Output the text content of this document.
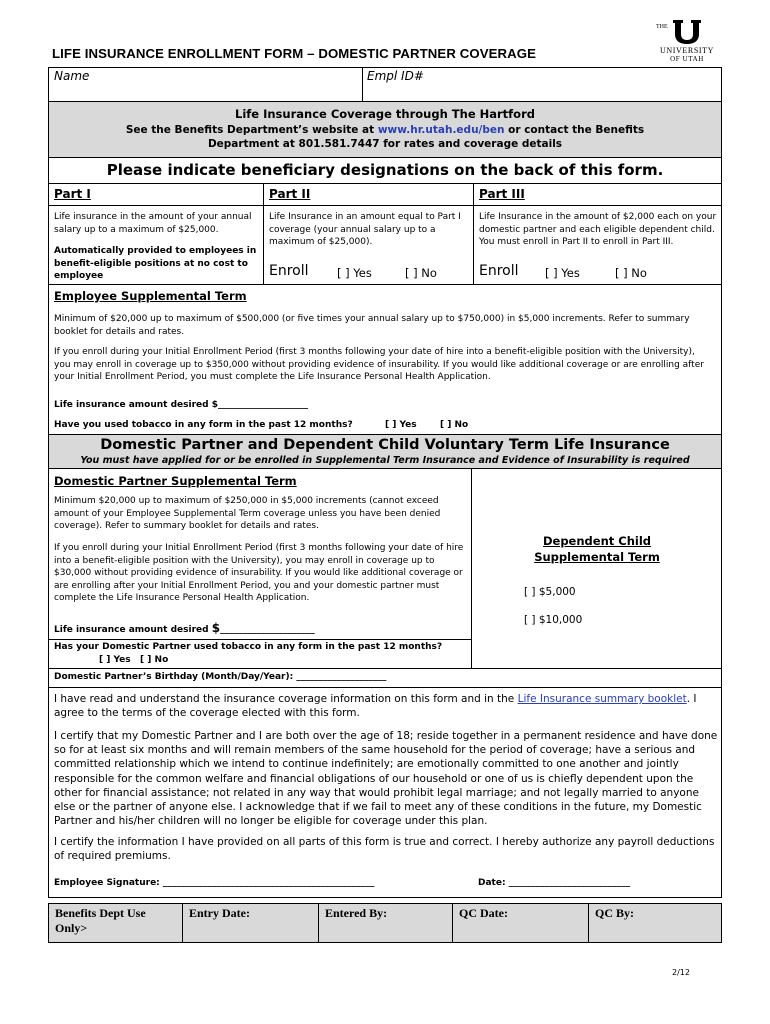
LIFE INSURANCE ENROLLMENT FORM – DOMESTIC PARTNER COVERAGE
THE
UNIVERSITY
OF UTAH
Name	Empl ID#
Life Insurance Coverage through The Hartford
See the Benefits Department’s website at www.hr.utah.edu/ben or contact the Benefits
Department at 801.581.7447 for rates and coverage details
Please indicate beneficiary designations on the back of this form.
Part I	Part II	Part III
Life insurance in the amount of your annual salary up to a maximum of $25,000.
Automatically provided to employees in benefit-eligible positions at no cost to employee
Life Insurance in an amount equal to Part I coverage (your annual salary up to a maximum of $25,000).
Enroll [ ] Yes	[ ] No
Life Insurance in the amount of $2,000 each on your domestic partner and each eligible dependent child. You must enroll in Part II to enroll in Part III.
Enroll [ ] Yes	[ ] No
Employee Supplemental Term
Minimum of $20,000 up to maximum of $500,000 (or five times your annual salary up to $750,000) in $5,000 increments. Refer to summary booklet for details and rates.
If you enroll during your Initial Enrollment Period (first 3 months following your date of hire into a benefit-eligible position with the University), you may enroll in coverage up to $350,000 without providing evidence of insurability. If you would like additional coverage or are enrolling after your Initial Enrollment Period, you must complete the Life Insurance Personal Health Application.
Life insurance amount desired $____________________
Have you used tobacco in any form in the past 12 months?	[ ] Yes	[ ] No
Domestic Partner and Dependent Child Voluntary Term Life Insurance
You must have applied for or be enrolled in Supplemental Term Insurance and Evidence of Insurability is required
Domestic Partner Supplemental Term
Minimum $20,000 up to maximum of $250,000 in $5,000 increments (cannot exceed amount of your Employee Supplemental Term coverage unless you have been denied coverage). Refer to summary booklet for details and rates.
If you enroll during your Initial Enrollment Period (first 3 months following your date of hire into a benefit-eligible position with the University), you may enroll in coverage up to $30,000 without providing evidence of insurability. If you would like additional coverage or are enrolling after your Initial Enrollment Period, you and your domestic partner must complete the Life Insurance Personal Health Application.
Life insurance amount desired $_____________________
Dependent Child
Supplemental Term
[ ] $5,000
[ ] $10,000
Has your Domestic Partner used tobacco in any form in the past 12 months?
[ ] Yes   [ ] No
Domestic Partner’s Birthday (Month/Day/Year): ____________________
I have read and understand the insurance coverage information on this form and in the Life Insurance summary booklet. I agree to the terms of the coverage elected with this form.
I certify that my Domestic Partner and I are both over the age of 18; reside together in a permanent residence and have done so for at least six months and will remain members of the same household for the period of coverage; have a serious and committed relationship which we intend to continue indefinitely; are emotionally committed to one another and jointly responsible for the common welfare and financial obligations of our household or one of us is chiefly dependent upon the other for financial assistance; not related in any way that would prohibit legal marriage; and not legally married to anyone else or the partner of anyone else. I acknowledge that if we fail to meet any of these conditions in the future, my Domestic Partner and his/her children will no longer be eligible for coverage under this plan.
I certify the information I have provided on all parts of this form is true and correct. I hereby authorize any payroll deductions of required premiums.
Employee Signature: _______________________________________________	Date: ___________________________
Benefits Dept Use Only>
Entry Date:	Entered By:	QC Date:	QC By:
2/12
